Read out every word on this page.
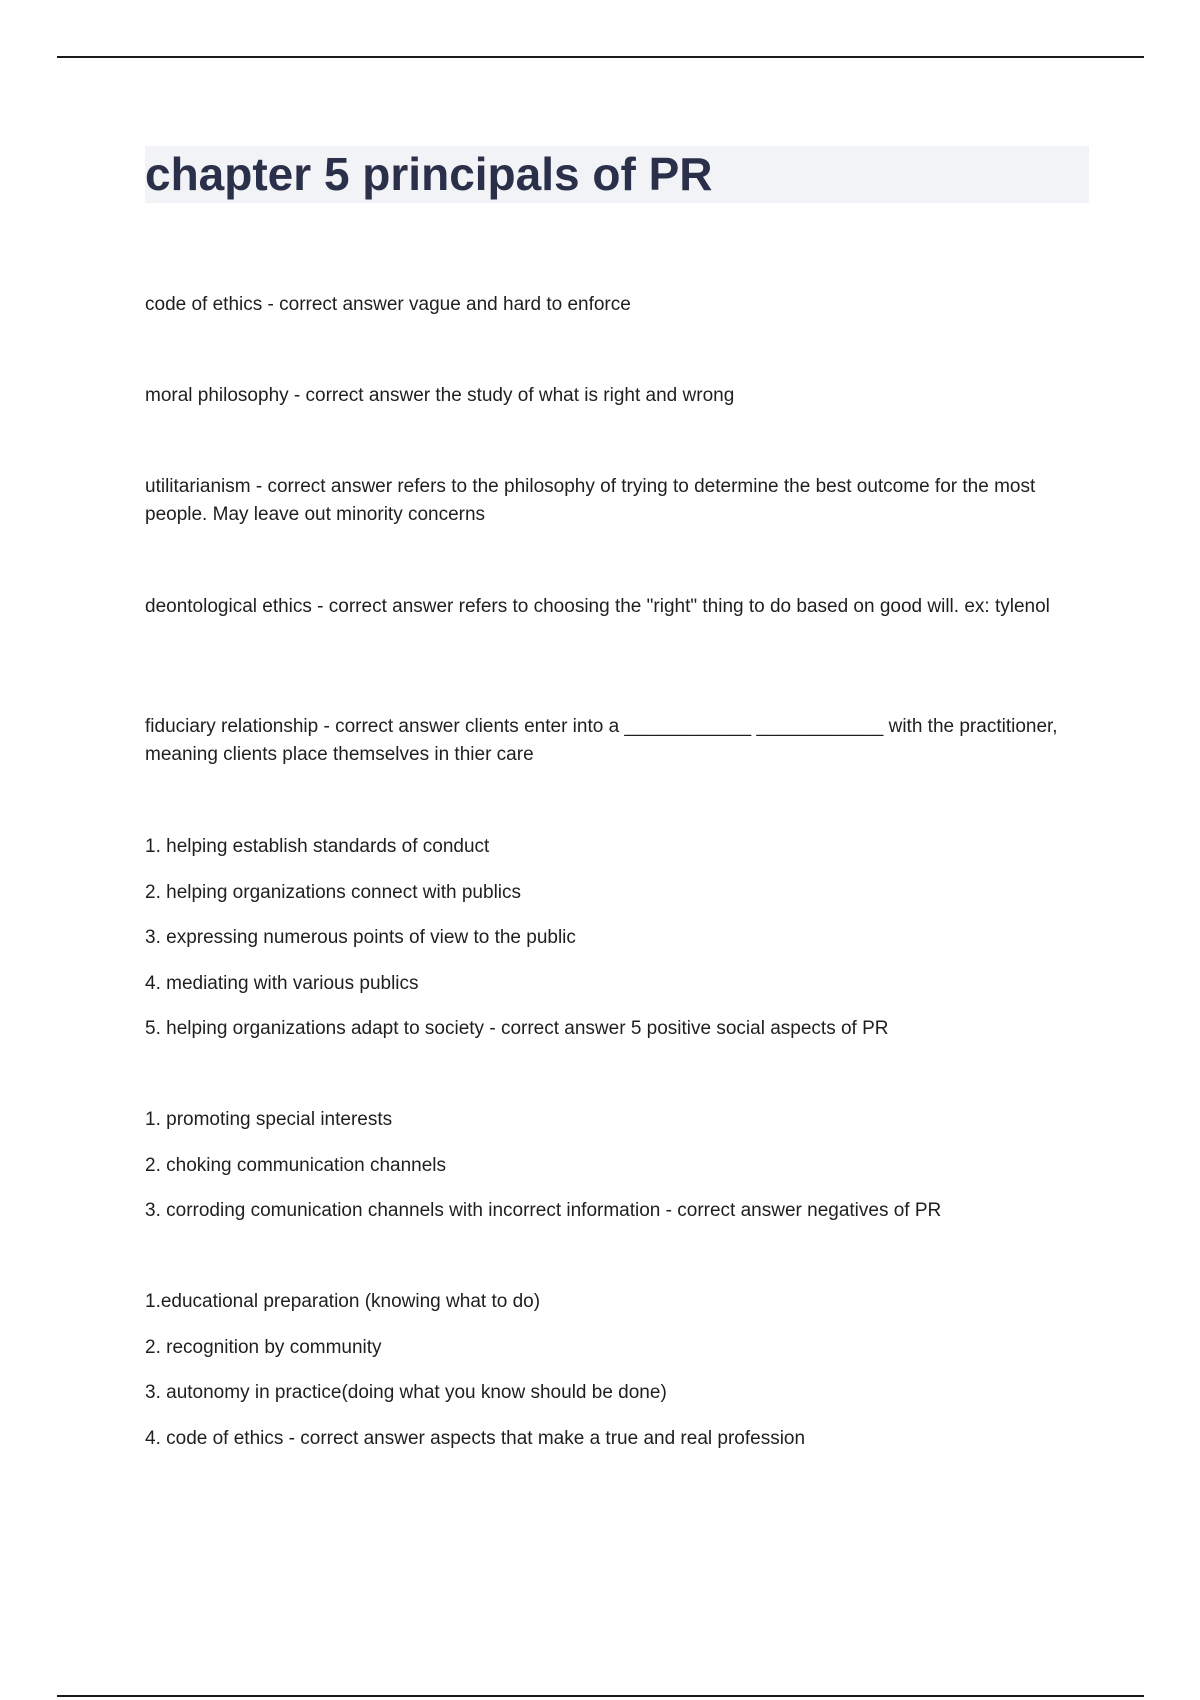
chapter 5 principals of PR

code of ethics - correct answer vague and hard to enforce

moral philosophy - correct answer the study of what is right and wrong

utilitarianism - correct answer refers to the philosophy of trying to determine the best outcome for the most people. May leave out minority concerns

deontological ethics - correct answer refers to choosing the "right" thing to do based on good will. ex: tylenol

fiduciary relationship - correct answer clients enter into a ____________ ____________ with the practitioner, meaning clients place themselves in thier care

1. helping establish standards of conduct

2. helping organizations connect with publics

3. expressing numerous points of view to the public

4. mediating with various publics

5. helping organizations adapt to society - correct answer 5 positive social aspects of PR

1. promoting special interests

2. choking communication channels

3. corroding comunication channels with incorrect information - correct answer negatives of PR

1.educational preparation (knowing what to do)

2. recognition by community

3. autonomy in practice(doing what you know should be done)

4. code of ethics - correct answer aspects that make a true and real profession
